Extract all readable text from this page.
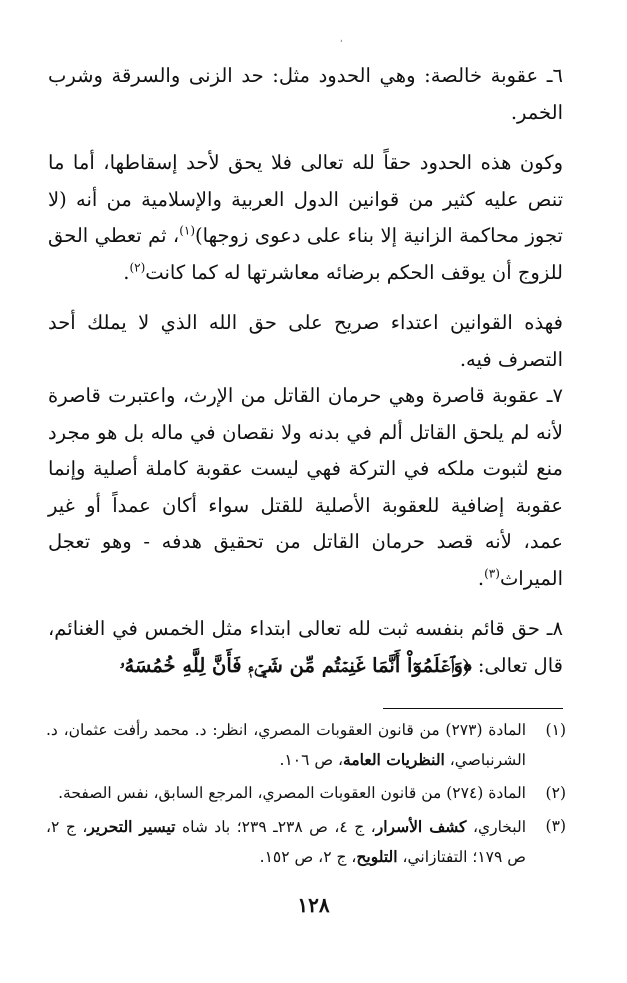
ˈ

٦ـ عقوبة خالصة: وهي الحدود مثل: حد الزنى والسرقة وشرب الخمر.

وكون هذه الحدود حقاً لله تعالى فلا يحق لأحد إسقاطها، أما ما تنص عليه كثير من قوانين الدول العربية والإسلامية من أنه (لا تجوز محاكمة الزانية إلا بناء على دعوى زوجها)$^{(١)}$، ثم تعطي الحق للزوج أن يوقف الحكم برضائه معاشرتها له كما كانت$^{(٢)}$.

فهذه القوانين اعتداء صريح على حق الله الذي لا يملك أحد التصرف فيه.

٧ـ عقوبة قاصرة وهي حرمان القاتل من الإرث، واعتبرت قاصرة لأنه لم يلحق القاتل ألم في بدنه ولا نقصان في ماله بل هو مجرد منع لثبوت ملكه في التركة فهي ليست عقوبة كاملة أصلية وإنما عقوبة إضافية للعقوبة الأصلية للقتل سواء أكان عمداً أو غير عمد، لأنه قصد حرمان القاتل من تحقيق هدفه - وهو تعجل الميراث$^{(٣)}$.

٨ـ حق قائم بنفسه ثبت لله تعالى ابتداء مثل الخمس في الغنائم، قال تعالى: ﴿وَٱعۡلَمُوٓاْ أَنَّمَا غَنِمۡتُم مِّن شَيۡءٖ فَأَنَّ لِلَّهِ خُمُسَهُۥ

(١)
المادة (٢٧٣) من قانون العقوبات المصري، انظر: د. محمد رأفت عثمان، د. الشرنباصي، النظريات العامة، ص ١٠٦.
(٢)
المادة (٢٧٤) من قانون العقوبات المصري، المرجع السابق، نفس الصفحة.
(٣)
البخاري، كشف الأسرار، ج ٤، ص ٢٣٨ـ ٢٣٩؛ باد شاه تيسير التحرير، ج ٢، ص ١٧٩؛ التفتازاني، التلويح، ج ٢، ص ١٥٢.
١٢٨
